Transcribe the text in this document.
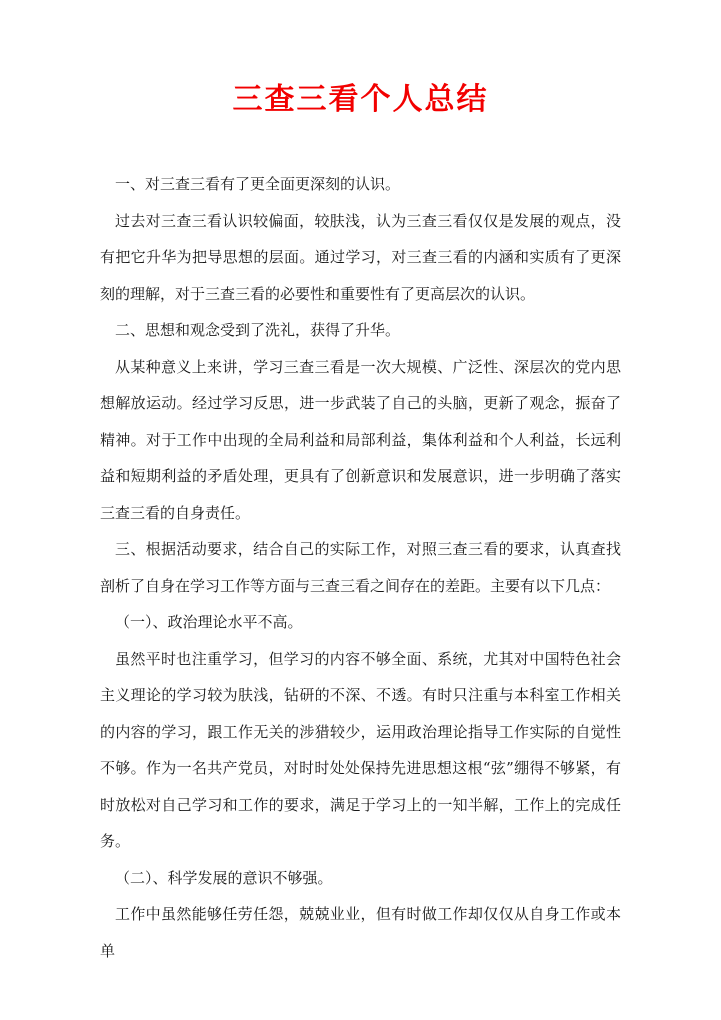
三查三看个人总结

一、对三查三看有了更全面更深刻的认识。

过去对三查三看认识较偏面，较肤浅，认为三查三看仅仅是发展的观点，没有把它升华为把导思想的层面。通过学习，对三查三看的内涵和实质有了更深刻的理解，对于三查三看的必要性和重要性有了更高层次的认识。

二、思想和观念受到了洗礼，获得了升华。

从某种意义上来讲，学习三查三看是一次大规模、广泛性、深层次的党内思想解放运动。经过学习反思，进一步武装了自己的头脑，更新了观念，振奋了精神。对于工作中出现的全局利益和局部利益，集体利益和个人利益，长远利益和短期利益的矛盾处理，更具有了创新意识和发展意识，进一步明确了落实三查三看的自身责任。

三、根据活动要求，结合自己的实际工作，对照三查三看的要求，认真查找剖析了自身在学习工作等方面与三查三看之间存在的差距。主要有以下几点：

（一）、政治理论水平不高。

虽然平时也注重学习，但学习的内容不够全面、系统，尤其对中国特色社会主义理论的学习较为肤浅，钻研的不深、不透。有时只注重与本科室工作相关的内容的学习，跟工作无关的涉猎较少，运用政治理论指导工作实际的自觉性不够。作为一名共产党员，对时时处处保持先进思想这根“弦”绷得不够紧，有时放松对自己学习和工作的要求，满足于学习上的一知半解，工作上的完成任务。

（二）、科学发展的意识不够强。

工作中虽然能够任劳任怨，兢兢业业，但有时做工作却仅仅从自身工作或本单
